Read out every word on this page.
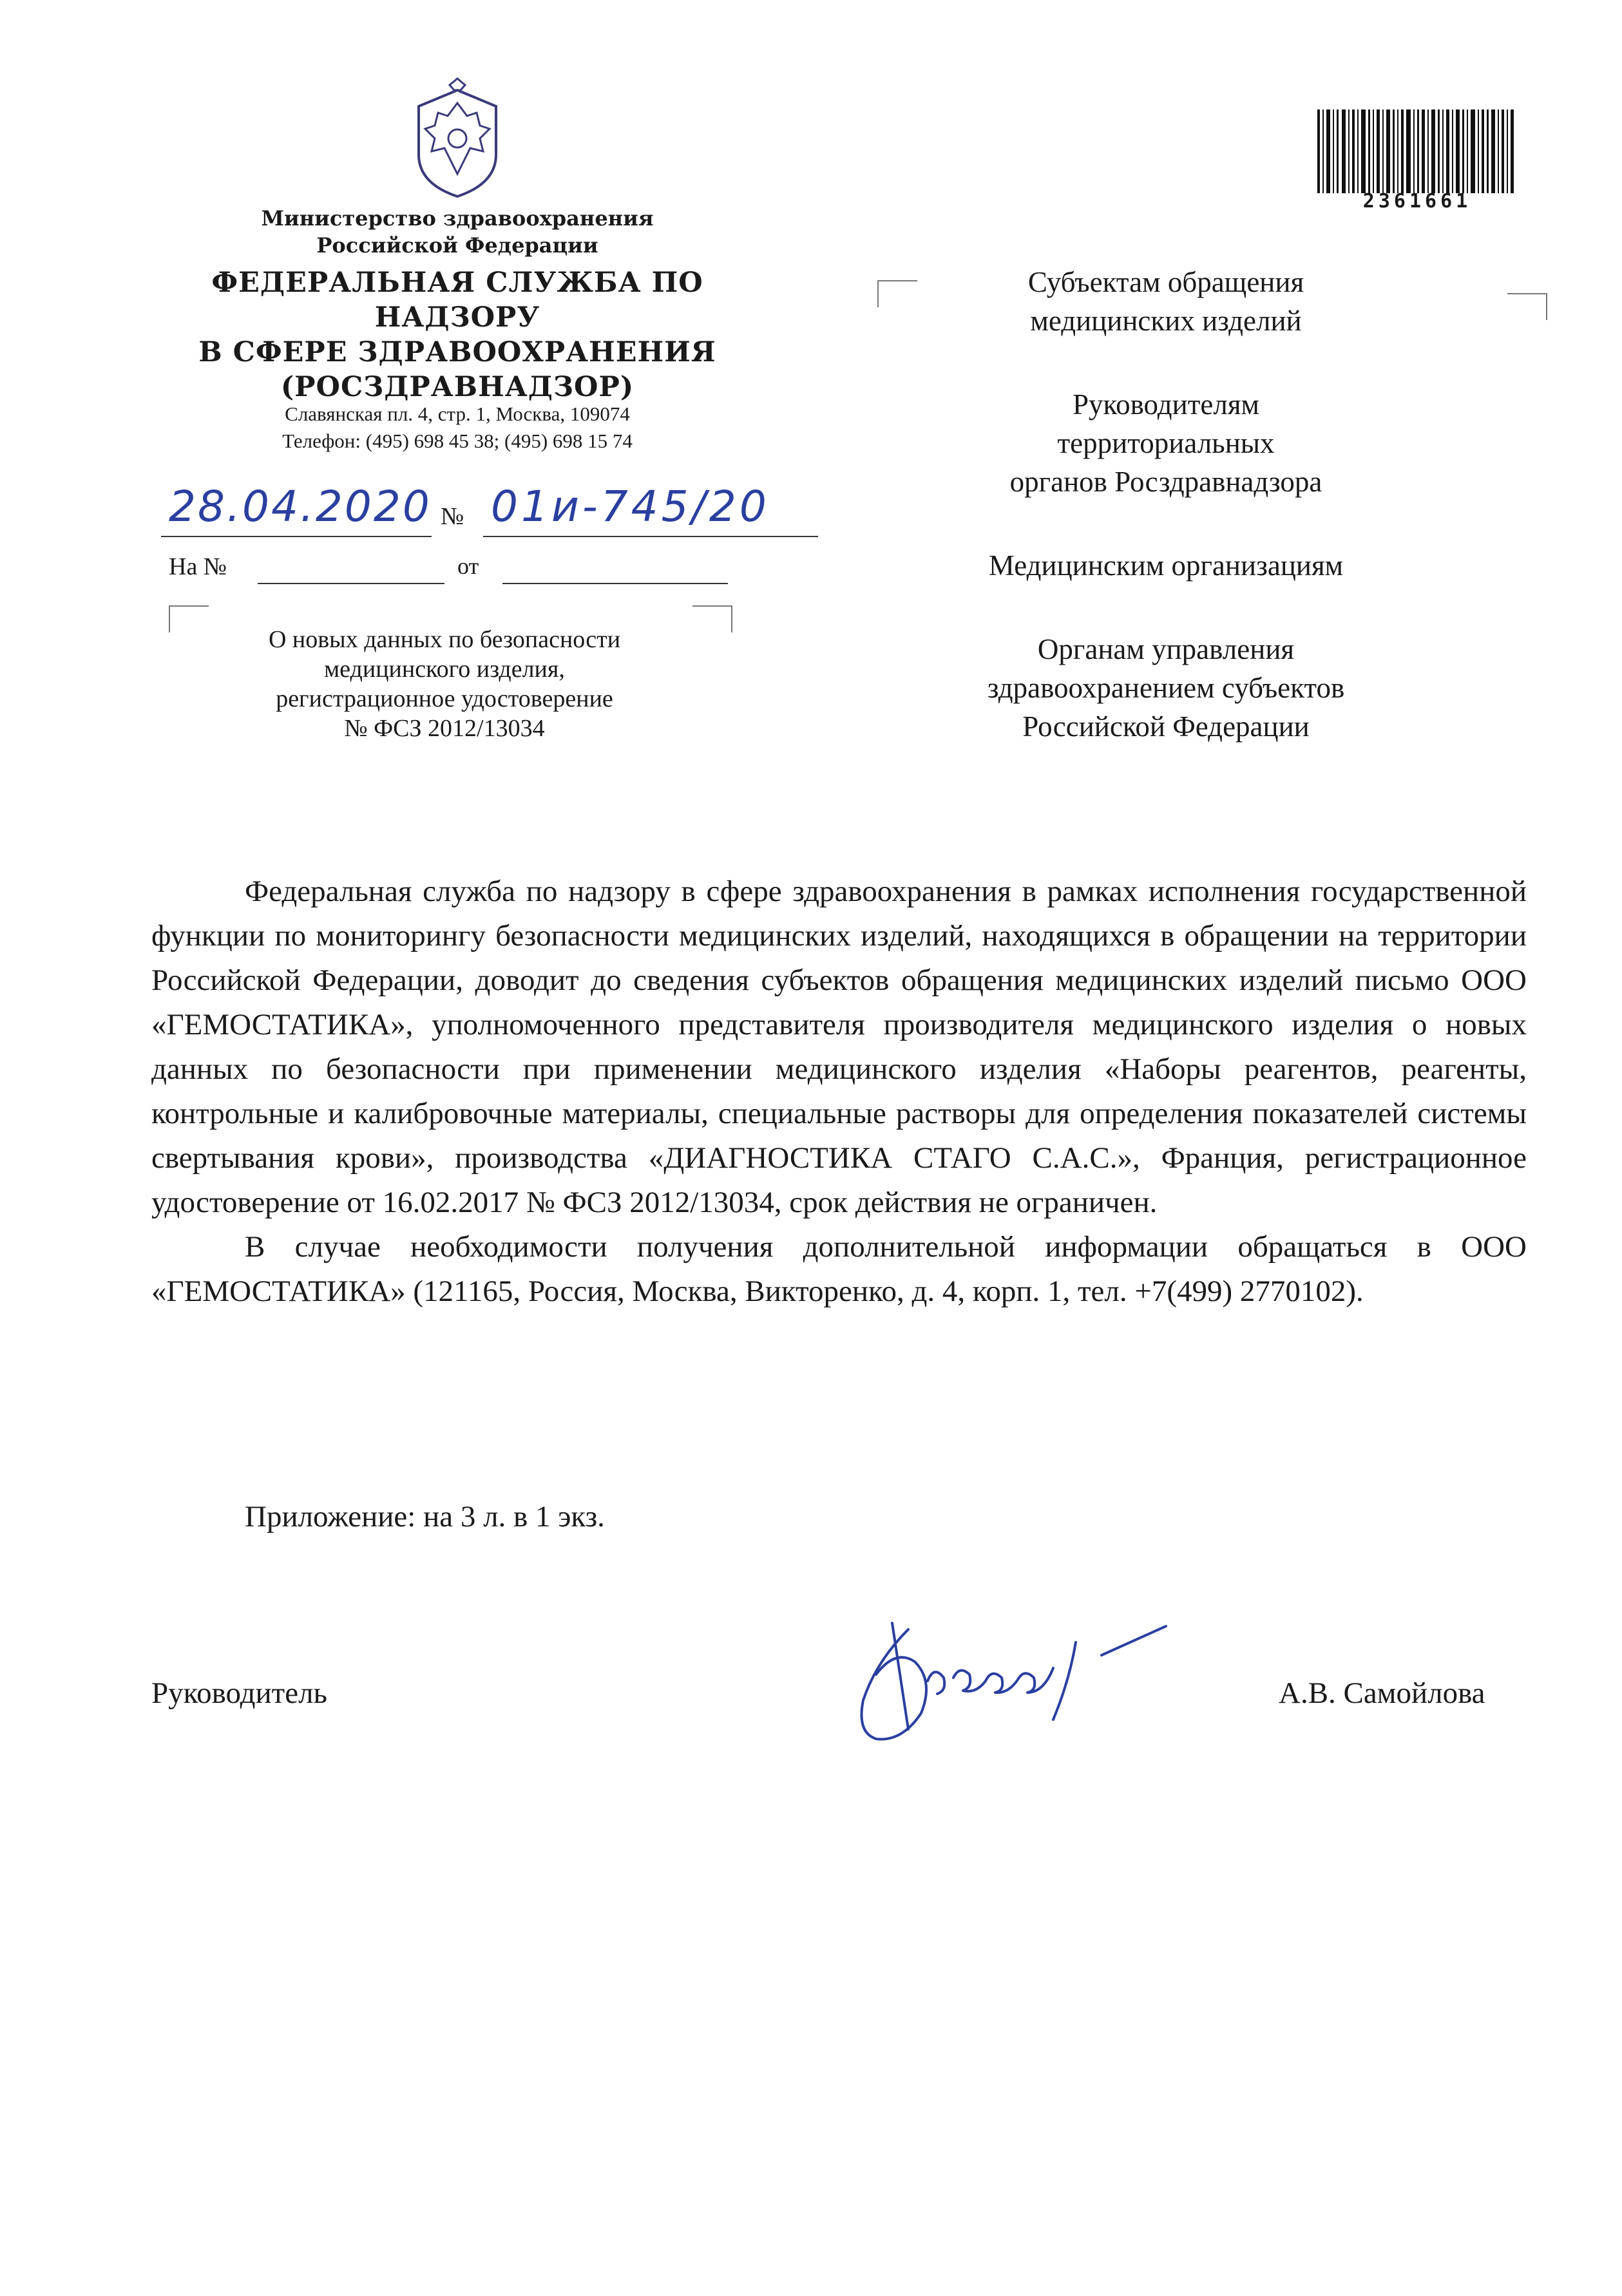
Министерство здравоохранения
Российской Федерации
ФЕДЕРАЛЬНАЯ СЛУЖБА ПО НАДЗОРУ
В СФЕРЕ ЗДРАВООХРАНЕНИЯ
(РОСЗДРАВНАДЗОР)
Славянская пл. 4, стр. 1, Москва, 109074
Телефон: (495) 698 45 38; (495) 698 15 74
28.04.2020 № 01и-745/20
На №	от
О новых данных по безопасности
медицинского изделия,
регистрационное удостоверение
№ ФСЗ 2012/13034
2361661

Субъектам обращения
медицинских изделий

Руководителям
территориальных
органов Росздравнадзора

Медицинским организациям

Органам управления
здравоохранением субъектов
Российской Федерации

Федеральная служба по надзору в сфере здравоохранения в рамках исполнения государственной функции по мониторингу безопасности медицинских изделий, находящихся в обращении на территории Российской Федерации, доводит до сведения субъектов обращения медицинских изделий письмо ООО «ГЕМОСТАТИКА», уполномоченного представителя производителя медицинского изделия о новых данных по безопасности при применении медицинского изделия «Наборы реагентов, реагенты, контрольные и калибровочные материалы, специальные растворы для определения показателей системы свертывания крови», производства «ДИАГНОСТИКА СТАГО С.А.С.», Франция, регистрационное удостоверение от 16.02.2017 № ФСЗ 2012/13034, срок действия не ограничен.

В случае необходимости получения дополнительной информации обращаться в ООО «ГЕМОСТАТИКА» (121165, Россия, Москва, Викторенко, д. 4, корп. 1, тел. +7(499) 2770102).

Приложение: на 3 л. в 1 экз.
Руководитель	А.В. Самойлова
